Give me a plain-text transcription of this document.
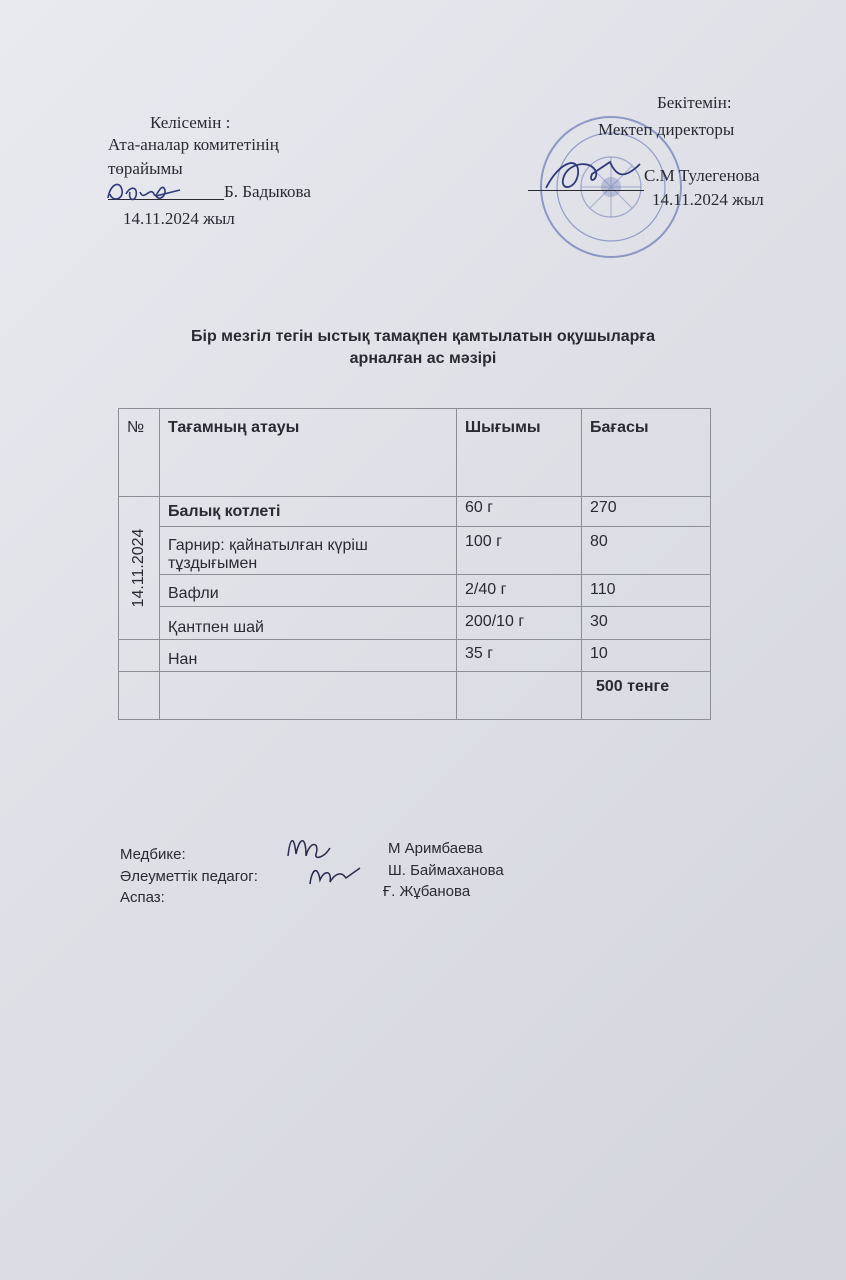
Келісемін :
Ата-аналар комитетінің
төрайымы
Б. Бадыкова
14.11.2024 жыл
Бекітемін:
Мектеп директоры
С.М Тулегенова
14.11.2024 жыл
Бір мезгіл тегін ыстық тамақпен қамтылатын оқушыларға
арналған ас мәзірі
№	Тағамның атауы	Шығымы	Бағасы

14.11.2024	Балық котлеті	60 г	270

	Гарнир: қайнатылған күріш тұздығымен	100 г	80

	Вафли	2/40 г	110

	Қантпен шай	200/10 г	30

	Нан	35 г	10

			500 тенге
Медбике:
Әлеуметтік педагог:
Аспаз:
М Аримбаева
Ш. Баймаханова
Ғ. Жұбанова
